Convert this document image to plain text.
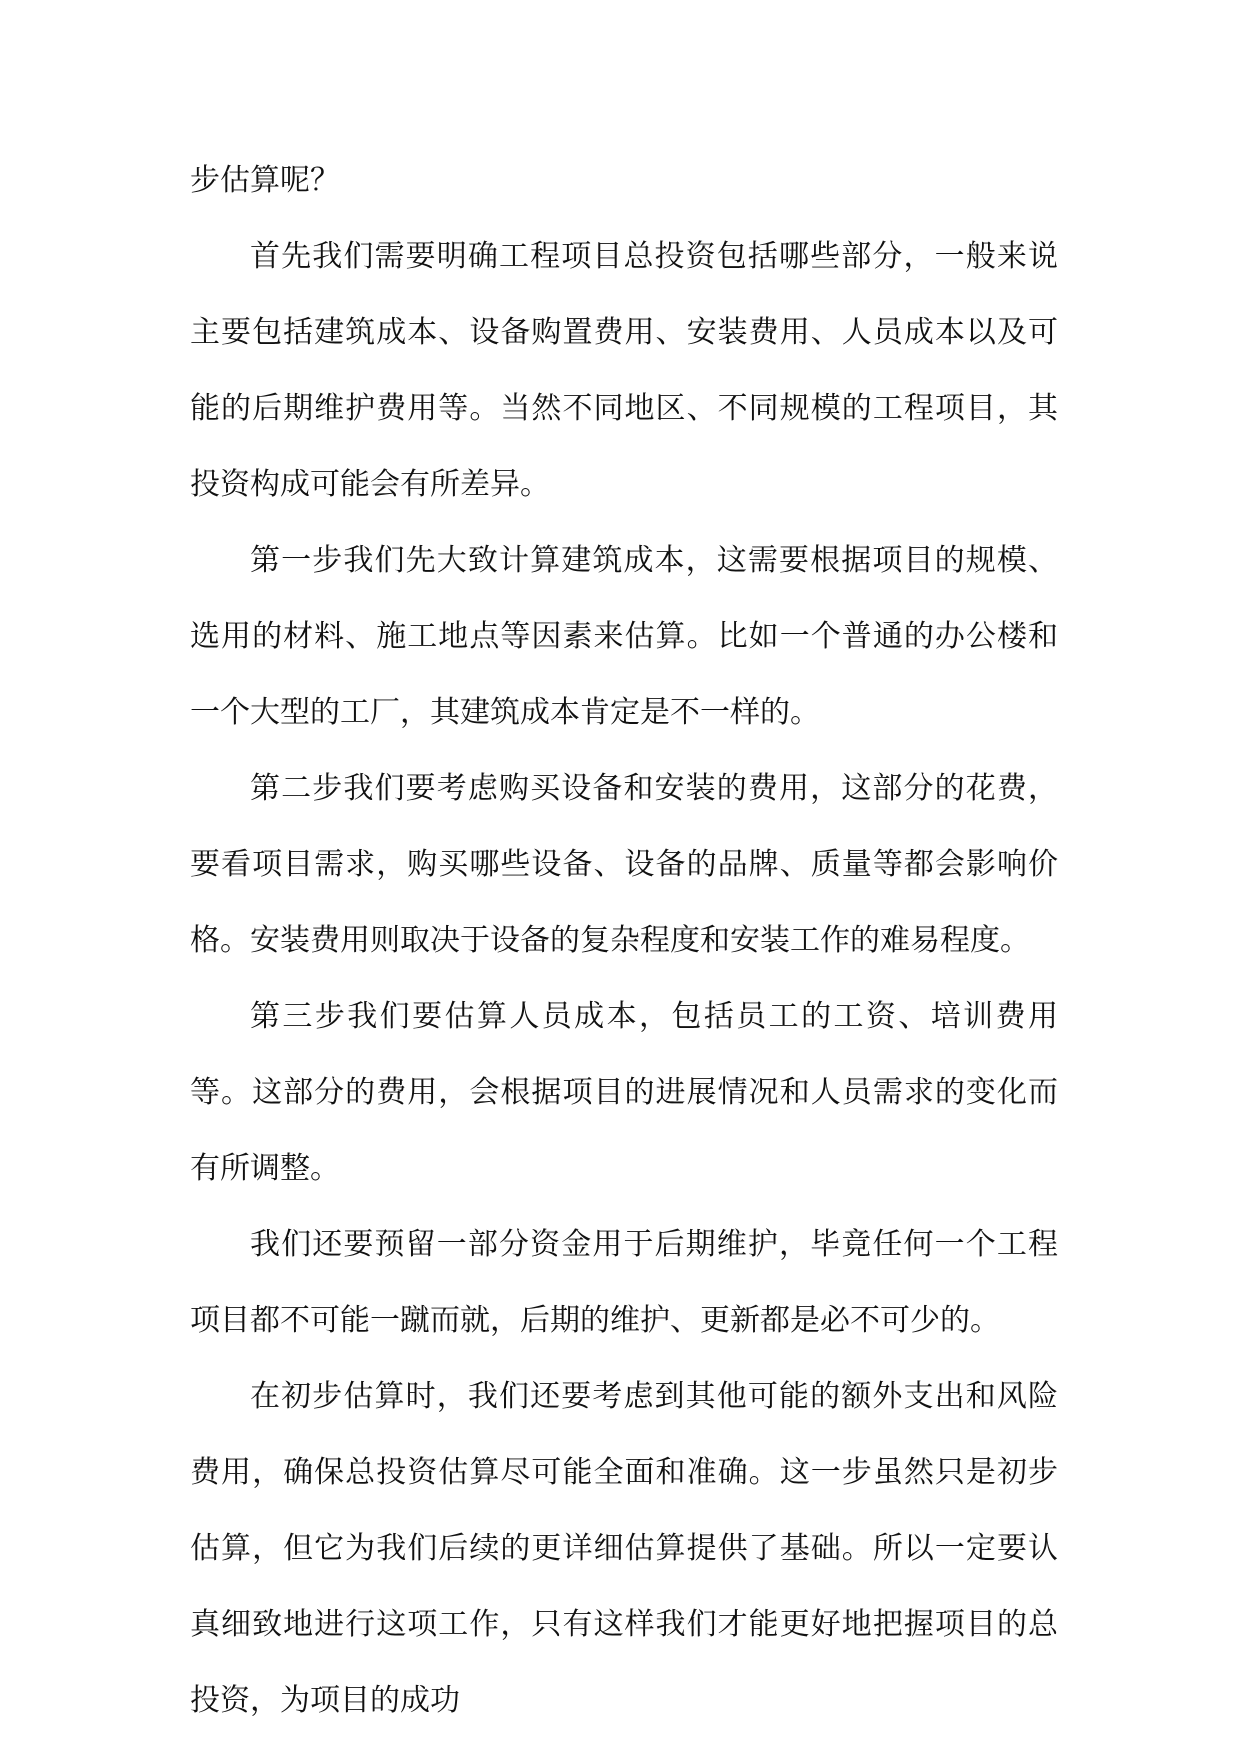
步估算呢？

首先我们需要明确工程项目总投资包括哪些部分，一般来说主要包括建筑成本、设备购置费用、安装费用、人员成本以及可能的后期维护费用等。当然不同地区、不同规模的工程项目，其投资构成可能会有所差异。

第一步我们先大致计算建筑成本，这需要根据项目的规模、选用的材料、施工地点等因素来估算。比如一个普通的办公楼和一个大型的工厂，其建筑成本肯定是不一样的。

第二步我们要考虑购买设备和安装的费用，这部分的花费，要看项目需求，购买哪些设备、设备的品牌、质量等都会影响价格。安装费用则取决于设备的复杂程度和安装工作的难易程度。

第三步我们要估算人员成本，包括员工的工资、培训费用等。这部分的费用，会根据项目的进展情况和人员需求的变化而有所调整。

我们还要预留一部分资金用于后期维护，毕竟任何一个工程项目都不可能一蹴而就，后期的维护、更新都是必不可少的。

在初步估算时，我们还要考虑到其他可能的额外支出和风险费用，确保总投资估算尽可能全面和准确。这一步虽然只是初步估算，但它为我们后续的更详细估算提供了基础。所以一定要认真细致地进行这项工作，只有这样我们才能更好地把握项目的总投资，为项目的成功
